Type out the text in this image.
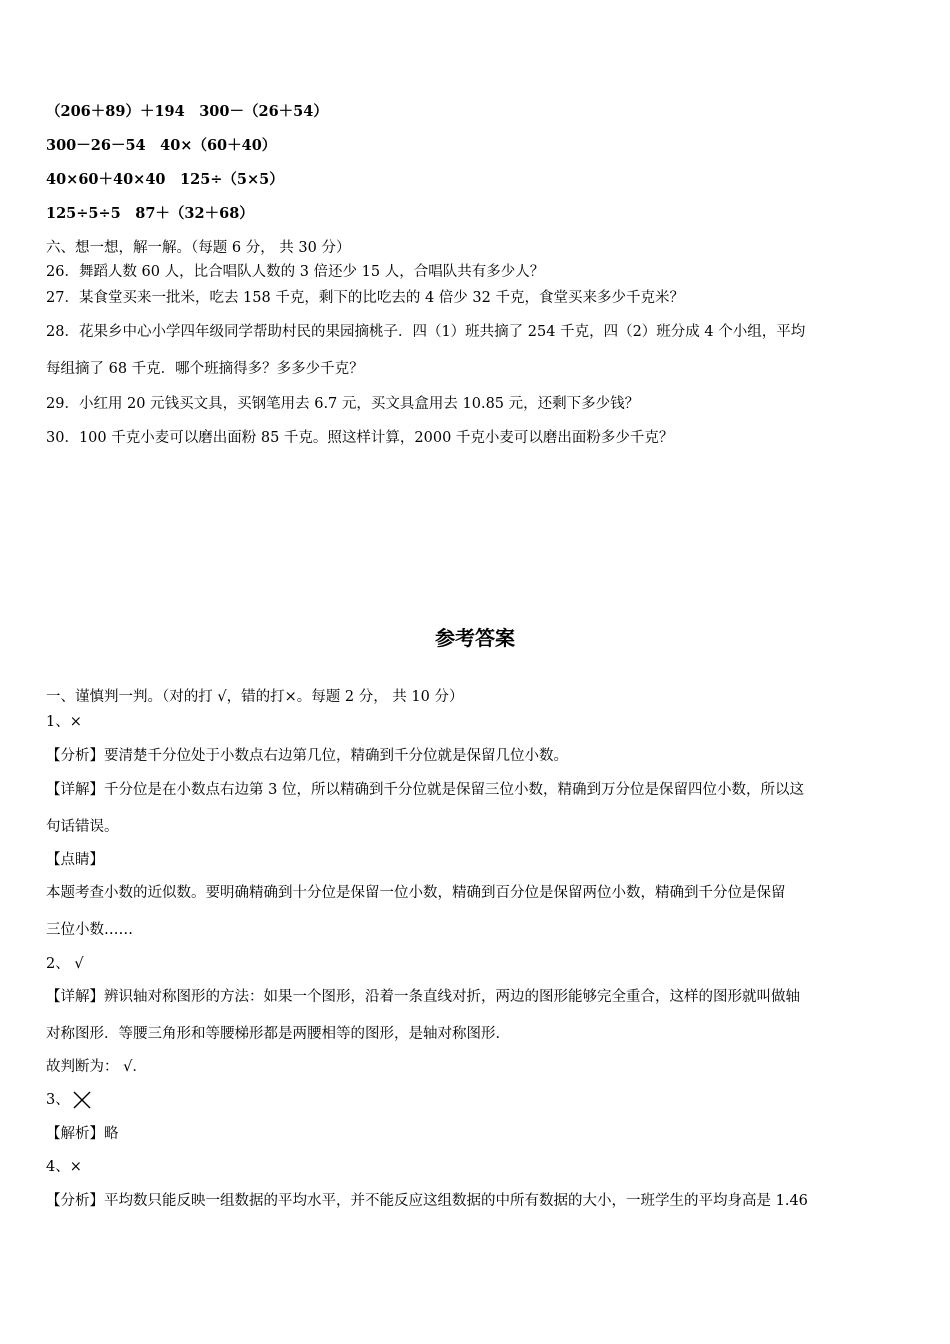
（206＋89）＋194　300－（26＋54）
300－26－54　40×（60＋40）
40×60＋40×40　125÷（5×5）
125÷5÷5　87＋（32＋68）
六、想一想，解一解。（每题 6 分， 共 30 分）
26．舞蹈人数 60 人，比合唱队人数的 3 倍还少 15 人，合唱队共有多少人？
27．某食堂买来一批米，吃去 158 千克，剩下的比吃去的 4 倍少 32 千克，食堂买来多少千克米？
28．花果乡中心小学四年级同学帮助村民的果园摘桃子．四（1）班共摘了 254 千克，四（2）班分成 4 个小组，平均
每组摘了 68 千克．哪个班摘得多？多多少千克？
29．小红用 20 元钱买文具，买钢笔用去 6.7 元，买文具盒用去 10.85 元，还剩下多少钱？
30．100 千克小麦可以磨出面粉 85 千克。照这样计算，2000 千克小麦可以磨出面粉多少千克？
参考答案
一、谨慎判一判。（对的打 √，错的打×。每题 2 分， 共 10 分）
1、×
【分析】要清楚千分位处于小数点右边第几位，精确到千分位就是保留几位小数。
【详解】千分位是在小数点右边第 3 位，所以精确到千分位就是保留三位小数，精确到万分位是保留四位小数，所以这
句话错误。
【点睛】
本题考查小数的近似数。要明确精确到十分位是保留一位小数，精确到百分位是保留两位小数，精确到千分位是保留
三位小数……
2、 √
【详解】辨识轴对称图形的方法：如果一个图形，沿着一条直线对折，两边的图形能够完全重合，这样的图形就叫做轴
对称图形．等腰三角形和等腰梯形都是两腰相等的图形，是轴对称图形．
故判断为： √．
3、
【解析】略
4、×
【分析】平均数只能反映一组数据的平均水平，并不能反应这组数据的中所有数据的大小，一班学生的平均身高是 1.46
